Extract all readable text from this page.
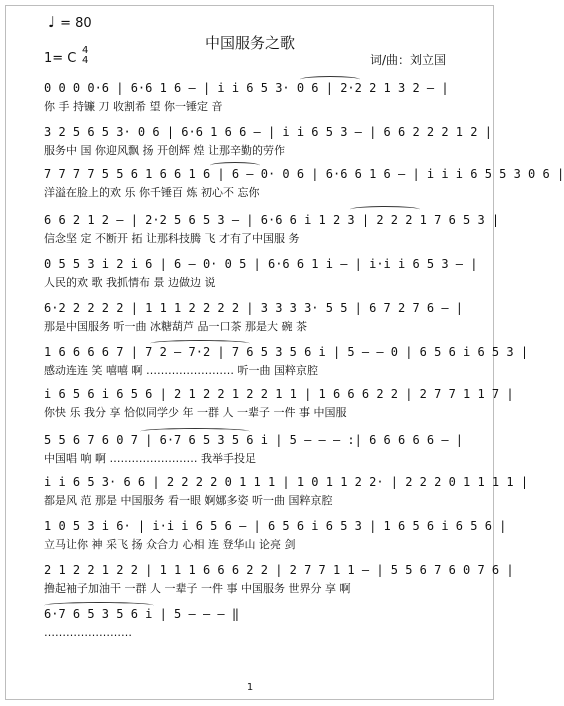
♩ = 80
中国服务之歌
1= C
4
4	词/曲：刘立国
0 0 0 0·6 | 6·6 1 6 – | i i 6 5 3· 0 6 | 2·2 2 1 3 2 – |
你 手 持镰 刀 收割希 望 你一锤定 音
3 2 5 6 5 3· 0 6 | 6·6 1 6 6 – | i i 6 5 3 – | 6 6 2 2 2 1 2 |
服务中 国 你迎风飘 扬 开创辉 煌 让那辛勤的劳作
7 7 7 7 5 5 6 1 6 6 1 6 | 6 – 0· 0 6 | 6·6 6 1 6 – | i i i 6 5 5 3 0 6 |
洋溢在脸上的欢 乐 你千锤百 炼 初心不 忘你
6 6 2 1 2 – | 2·2 5 6 5 3 – | 6·6 6 i 1 2 3 | 2 2 2 1 7 6 5 3 |
信念坚 定 不断开 拓 让那科技腾 飞 才有了中国服 务
0 5 5 3 i 2 i 6 | 6 – 0· 0 5 | 6·6 6 1 i – | i·i i 6 5 3 – |
人民的欢 歌 我抓情布 景 边做边 说
6·2 2 2 2 2 | 1 1 1 2 2 2 2 | 3 3 3 3· 5 5 | 6 7 2 7 6 – |
那是中国服务 听一曲 冰糖葫芦 品一口茶 那是大 碗 茶
1 6 6 6 6 7 | 7 2 – 7·2 | 7 6 5 3 5 6 i | 5 – – 0 | 6 5 6 i 6 5 3 |
感动连连 笑 嘻嘻 啊 …………………… 听一曲 国粹京腔
i 6 5 6 i 6 5 6 | 2 1 2 2 1 2 2 1 1 | 1 6 6 6 2 2 | 2 7 7 1 1 7 |
你快 乐 我分 享 恰似同学少 年 一群 人 一辈子 一件 事 中国服
5 5 6 7 6 0 7 | 6·7 6 5 3 5 6 i | 5 – – – :| 6 6 6 6 6 – |
中国唱 响 啊 …………………… 我举手投足
i i 6 5 3· 6 6 | 2 2 2 2 0 1 1 1 | 1 0 1 1 2 2· | 2 2 2 0 1 1 1 1 |
都是风 范 那是 中国服务 看一眼 婀娜多姿 听一曲 国粹京腔
1 0 5 3 i 6· | i·i i 6 5 6 – | 6 5 6 i 6 5 3 | 1 6 5 6 i 6 5 6 |
立马让你 神 采飞 扬 众合力 心相 连 登华山 论亮 剑
2 1 2 2 1 2 2 | 1 1 1 6 6 6 2 2 | 2 7 7 1 1 – | 5 5 6 7 6 0 7 6 |
撸起袖子加油干 一群 人 一辈子 一件 事 中国服务 世界分 享 啊
6·7 6 5 3 5 6 i | 5 – – – ‖
……………………
1
